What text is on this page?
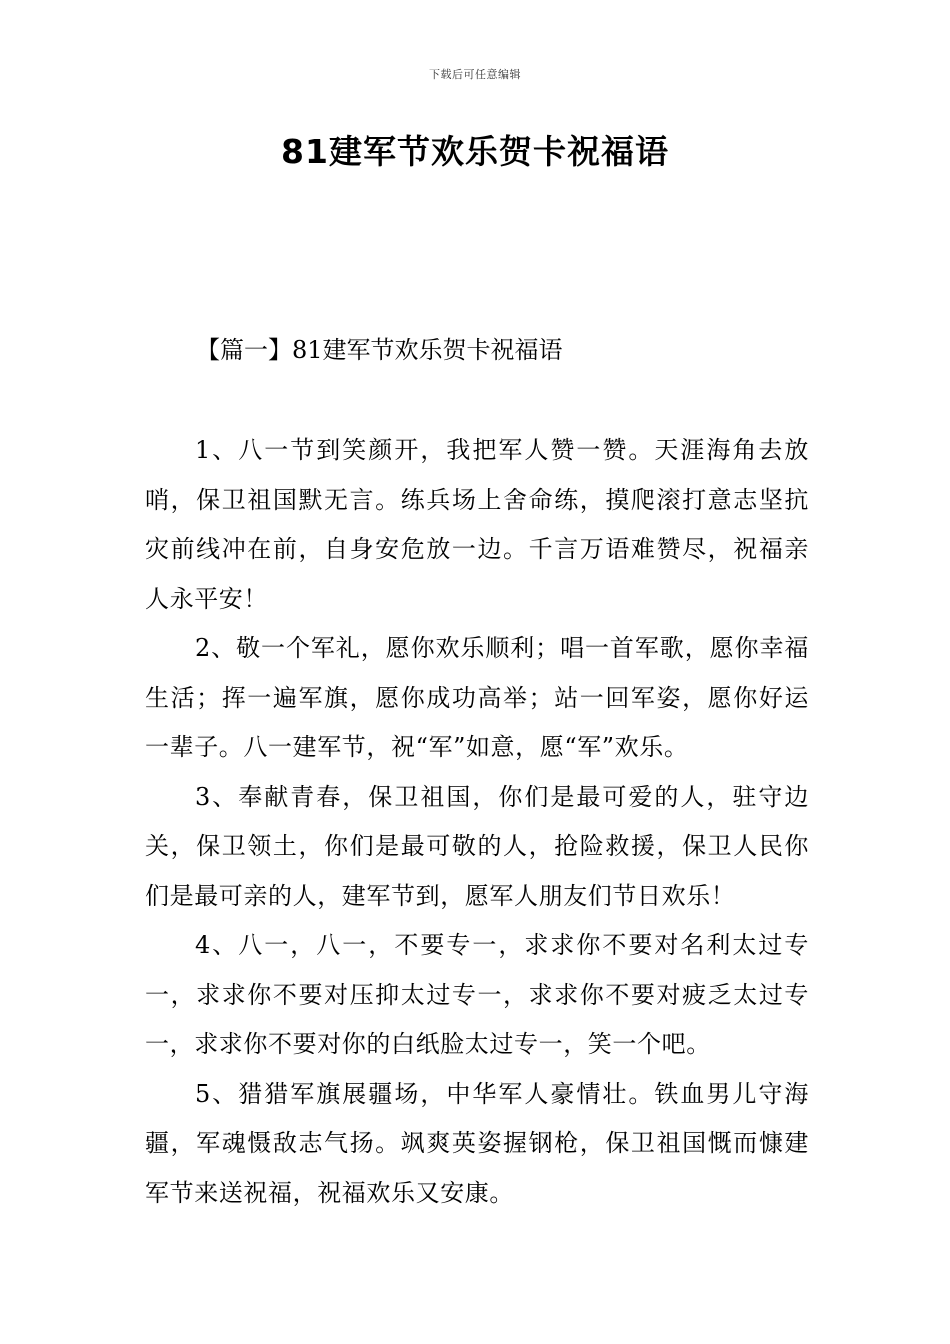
下载后可任意编辑
81建军节欢乐贺卡祝福语
【篇一】81建军节欢乐贺卡祝福语

1、八一节到笑颜开，我把军人赞一赞。天涯海角去放哨，保卫祖国默无言。练兵场上舍命练，摸爬滚打意志坚抗灾前线冲在前，自身安危放一边。千言万语难赞尽，祝福亲人永平安！

2、敬一个军礼，愿你欢乐顺利；唱一首军歌，愿你幸福生活；挥一遍军旗，愿你成功高举；站一回军姿，愿你好运一辈子。八一建军节，祝“军”如意，愿“军”欢乐。

3、奉献青春，保卫祖国，你们是最可爱的人，驻守边关，保卫领土，你们是最可敬的人，抢险救援，保卫人民你们是最可亲的人，建军节到，愿军人朋友们节日欢乐！

4、八一，八一，不要专一，求求你不要对名利太过专一，求求你不要对压抑太过专一，求求你不要对疲乏太过专一，求求你不要对你的白纸脸太过专一，笑一个吧。

5、猎猎军旗展疆场，中华军人豪情壮。铁血男儿守海疆，军魂慑敌志气扬。飒爽英姿握钢枪，保卫祖国慨而慷建军节来送祝福，祝福欢乐又安康。
